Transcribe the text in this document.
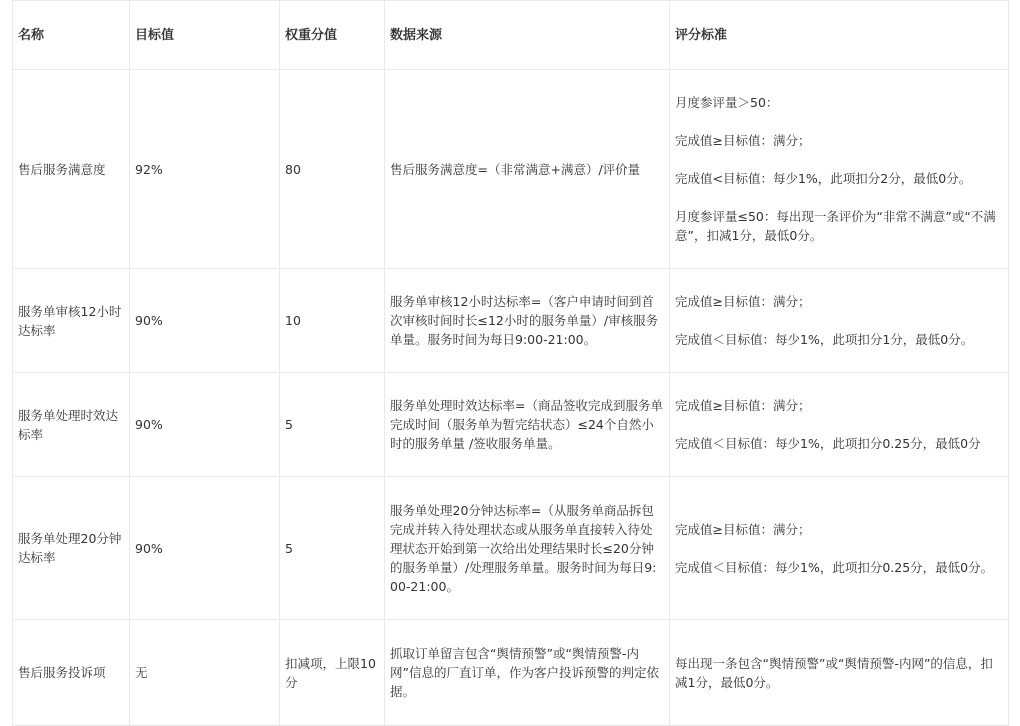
名称	目标值	权重分值	数据来源	评分标准
售后服务满意度	92%	80	售后服务满意度=（非常满意+满意）/评价量	月度参评量＞50：

完成值≥目标值：满分；

完成值<目标值：每少1%，此项扣分2分，最低0分。

月度参评量≤50：每出现一条评价为“非常不满意”或“不满意”，扣减1分，最低0分。

服务单审核12小时达标率	90%	10	服务单审核12小时达标率=（客户申请时间到首次审核时间时长≤12小时的服务单量）/审核服务单量。服务时间为每日9:00-21:00。	完成值≥目标值：满分；

完成值＜目标值：每少1%，此项扣分1分，最低0分。

服务单处理时效达标率	90%	5	服务单处理时效达标率=（商品签收完成到服务单完成时间（服务单为暂完结状态）≤24个自然小时的服务单量 /签收服务单量。	完成值≥目标值：满分；

完成值＜目标值：每少1%，此项扣分0.25分，最低0分

服务单处理20分钟达标率	90%	5	服务单处理20分钟达标率=（从服务单商品拆包完成并转入待处理状态或从服务单直接转入待处理状态开始到第一次给出处理结果时长≤20分钟的服务单量）/处理服务单量。服务时间为每日9:00-21:00。	完成值≥目标值：满分；

完成值＜目标值：每少1%，此项扣分0.25分，最低0分。

售后服务投诉项	无	扣减项，上限10分	抓取订单留言包含“舆情预警”或“舆情预警-内网”信息的厂直订单，作为客户投诉预警的判定依据。	每出现一条包含“舆情预警”或“舆情预警-内网”的信息，扣减1分，最低0分。
